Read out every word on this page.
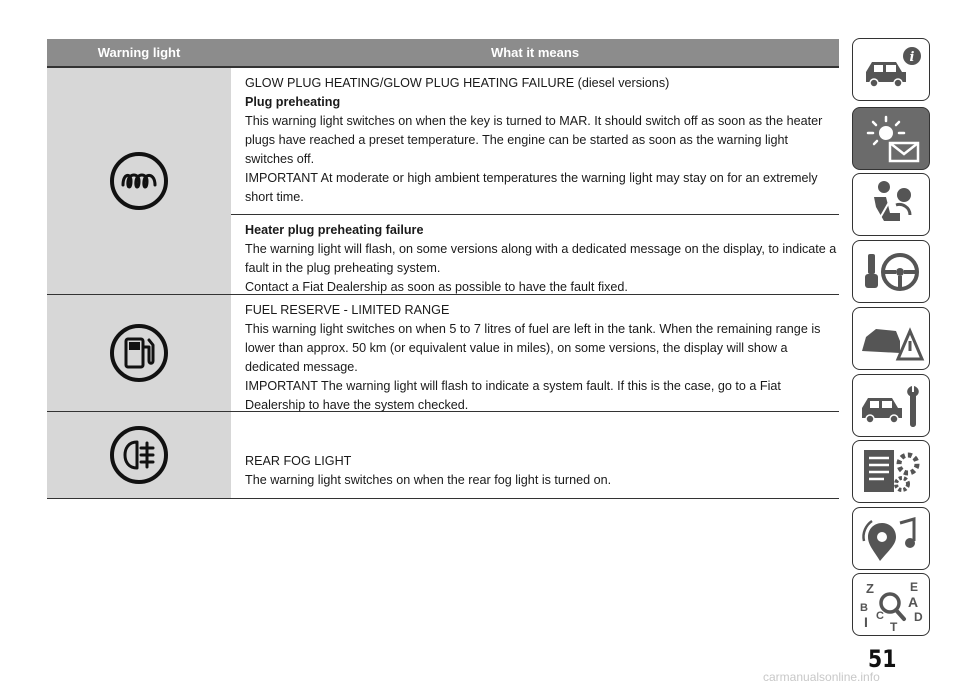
Warning light	What it means

GLOW PLUG HEATING/GLOW PLUG HEATING FAILURE (diesel versions)

Plug preheating

This warning light switches on when the key is turned to MAR. It should switch off as soon as the heater plugs have reached a preset temperature. The engine can be started as soon as the warning light switches off.

IMPORTANT At moderate or high ambient temperatures the warning light may stay on for an extremely short time.

Heater plug preheating failure

The warning light will flash, on some versions along with a dedicated message on the display, to indicate a fault in the plug preheating system.

Contact a Fiat Dealership as soon as possible to have the fault fixed.

FUEL RESERVE - LIMITED RANGE

This warning light switches on when 5 to 7 litres of fuel are left in the tank. When the remaining range is lower than approx. 50 km (or equivalent value in miles), on some versions, the display will show a dedicated message.

IMPORTANT The warning light will flash to indicate a system fault. If this is the case, go to a Fiat Dealership to have the system checked.

REAR FOG LIGHT

The warning light switches on when the rear fog light is turned on.

i
Z	E
A
B
C
I T
D
51
carmanualsonline.info
